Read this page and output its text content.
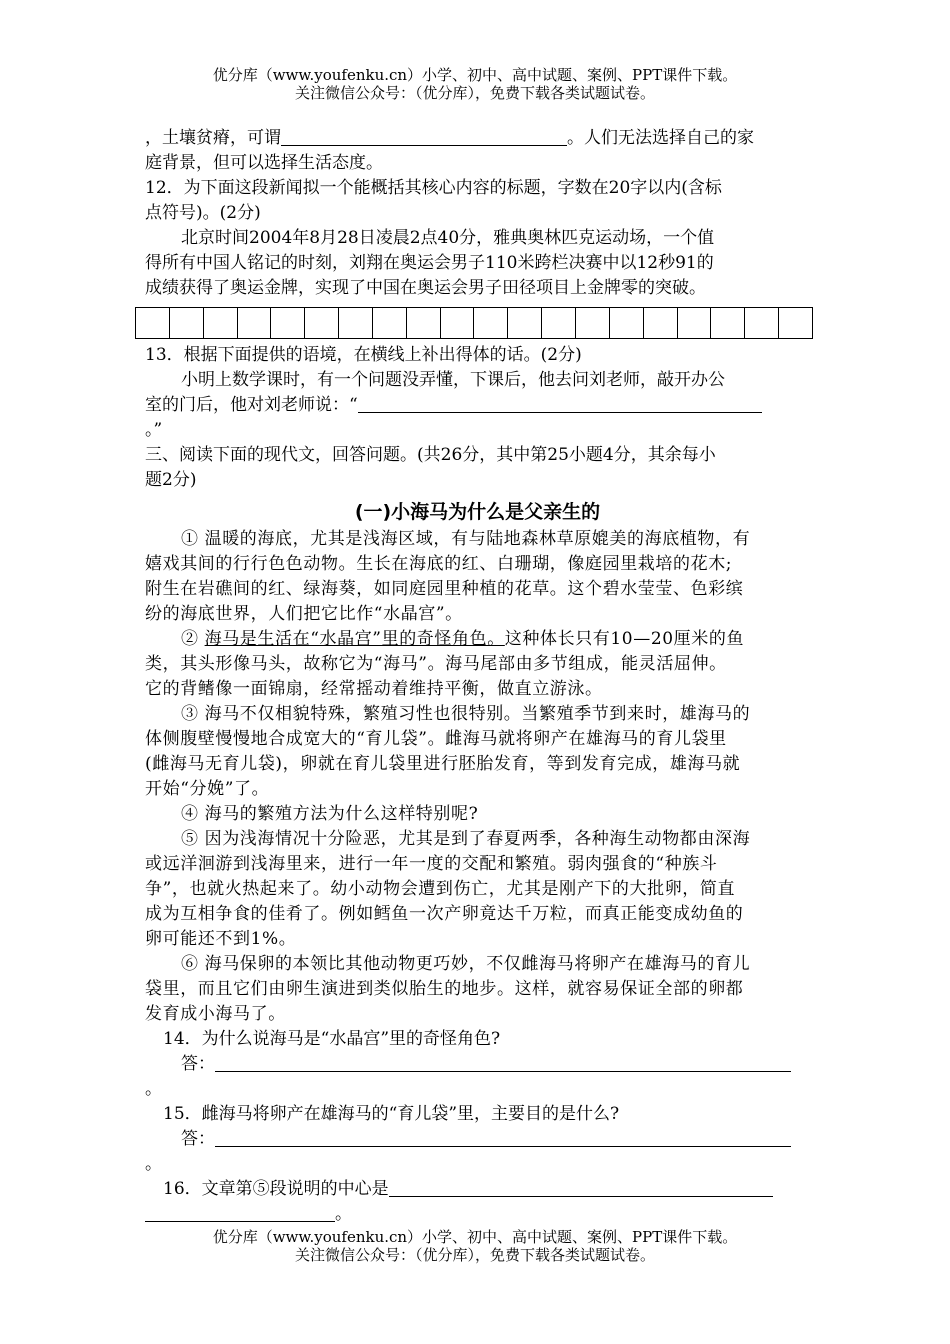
优分库（www.youfenku.cn）小学、初中、高中试题、案例、PPT课件下载。
关注微信公众号：（优分库），免费下载各类试题试卷。
，土壤贫瘠，可谓	。人们无法选择自己的家
庭背景，但可以选择生活态度。
12．为下面这段新闻拟一个能概括其核心内容的标题，字数在20字以内(含标
点符号)。(2分)
北京时间2004年8月28日凌晨2点40分，雅典奥林匹克运动场，一个值
得所有中国人铭记的时刻，刘翔在奥运会男子110米跨栏决赛中以12秒91的
成绩获得了奥运金牌，实现了中国在奥运会男子田径项目上金牌零的突破。
13．根据下面提供的语境，在横线上补出得体的话。(2分)
小明上数学课时，有一个问题没弄懂，下课后，他去问刘老师，敲开办公
室的门后，他对刘老师说：“
。”
三、阅读下面的现代文，回答问题。(共26分，其中第25小题4分，其余每小
题2分)
(一)小海马为什么是父亲生的
① 温暖的海底，尤其是浅海区域，有与陆地森林草原媲美的海底植物，有
嬉戏其间的行行色色动物。生长在海底的红、白珊瑚，像庭园里栽培的花木;
附生在岩礁间的红、绿海葵，如同庭园里种植的花草。这个碧水莹莹、色彩缤
纷的海底世界，人们把它比作“水晶宫”。
② 海马是生活在“水晶宫”里的奇怪角色。这种体长只有10—20厘米的鱼
类，其头形像马头，故称它为“海马”。海马尾部由多节组成，能灵活屈伸。
它的背鳍像一面锦扇，经常摇动着维持平衡，做直立游泳。
③ 海马不仅相貌特殊，繁殖习性也很特别。当繁殖季节到来时，雄海马的
体侧腹壁慢慢地合成宽大的“育儿袋”。雌海马就将卵产在雄海马的育儿袋里
(雌海马无育儿袋)，卵就在育儿袋里进行胚胎发育，等到发育完成，雄海马就
开始“分娩”了。
④ 海马的繁殖方法为什么这样特别呢?
⑤ 因为浅海情况十分险恶，尤其是到了春夏两季，各种海生动物都由深海
或远洋洄游到浅海里来，进行一年一度的交配和繁殖。弱肉强食的“种族斗
争”，也就火热起来了。幼小动物会遭到伤亡，尤其是刚产下的大批卵，简直
成为互相争食的佳肴了。例如鳕鱼一次产卵竟达千万粒，而真正能变成幼鱼的
卵可能还不到1%。
⑥ 海马保卵的本领比其他动物更巧妙，不仅雌海马将卵产在雄海马的育儿
袋里，而且它们由卵生演进到类似胎生的地步。这样，就容易保证全部的卵都
发育成小海马了。
14．为什么说海马是“水晶宫”里的奇怪角色?
答：
。
15．雌海马将卵产在雄海马的“育儿袋”里，主要目的是什么?
答：
。
16．文章第⑤段说明的中心是
。
优分库（www.youfenku.cn）小学、初中、高中试题、案例、PPT课件下载。
关注微信公众号：（优分库），免费下载各类试题试卷。
